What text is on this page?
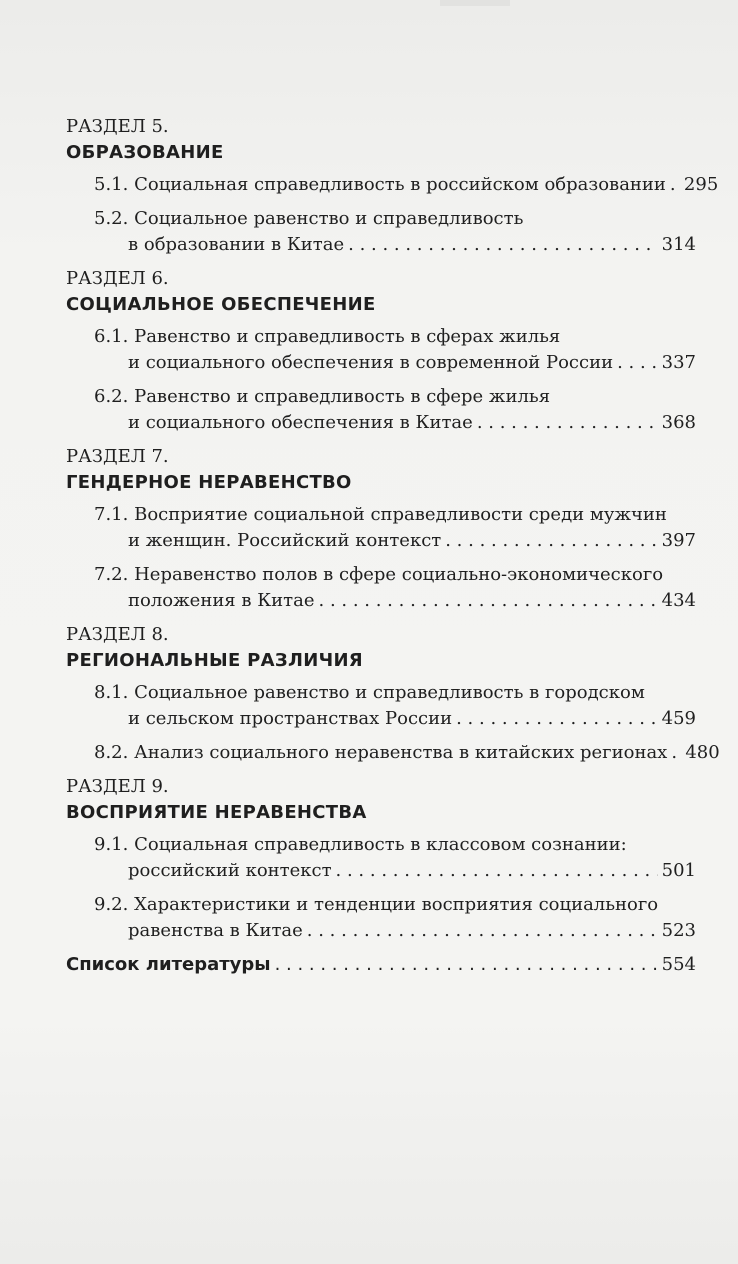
РАЗДЕЛ 5.
ОБРАЗОВАНИЕ
5.1.
Социальная справедливость в российском образовании . . . 295
5.2.
Социальное равенство и справедливость
в образовании в Китае . . .	314
РАЗДЕЛ 6.
СОЦИАЛЬНОЕ ОБЕСПЕЧЕНИЕ
6.1.
Равенство и справедливость в сферах жилья
и социального обеспечения в современной России . . .	337
6.2.
Равенство и справедливость в сфере жилья
и социального обеспечения в Китае . . .	368
РАЗДЕЛ 7.
ГЕНДЕРНОЕ НЕРАВЕНСТВО
7.1.
Восприятие социальной справедливости среди мужчин
и женщин. Российский контекст . . .	397
7.2.
Неравенство полов в сфере социально-экономического
положения в Китае . . .	434
РАЗДЕЛ 8.
РЕГИОНАЛЬНЫЕ РАЗЛИЧИЯ
8.1.
Социальное равенство и справедливость в городском
и сельском пространствах России . . .	459
8.2.
Анализ социального неравенства в китайских регионах . . . 480
РАЗДЕЛ 9.
ВОСПРИЯТИЕ НЕРАВЕНСТВА
9.1.
Социальная справедливость в классовом сознании:
российский контекст . . .	501
9.2.
Характеристики и тенденции восприятия социального
равенства в Китае . . .	523
Список литературы . . .	554
